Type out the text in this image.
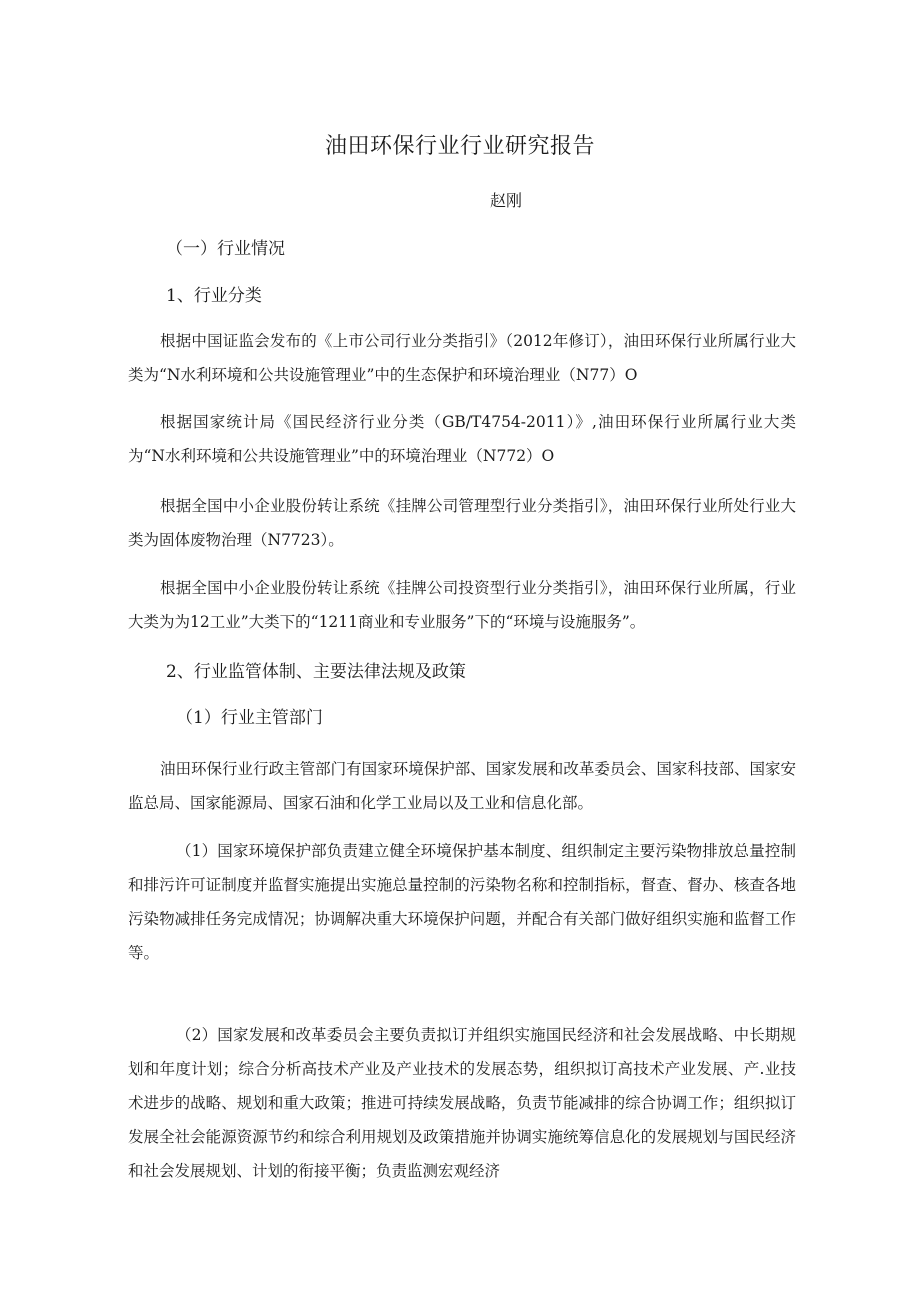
油田环保行业行业研究报告
赵刚
（一）行业情况
1、行业分类

根据中国证监会发布的《上市公司行业分类指引》（2012年修订），油田环保行业所属行业大类为“N水利环境和公共设施管理业”中的生态保护和环境治理业（N77）O

根据国家统计局《国民经济行业分类（GB/T4754-2011）》,油田环保行业所属行业大类为“N水利环境和公共设施管理业”中的环境治理业（N772）O

根据全国中小企业股份转让系统《挂牌公司管理型行业分类指引》，油田环保行业所处行业大类为固体废物治理（N7723）。

根据全国中小企业股份转让系统《挂牌公司投资型行业分类指引》，油田环保行业所属，行业大类为为12工业”大类下的“1211商业和专业服务”下的“环境与设施服务”。

2、行业监管体制、主要法律法规及政策
（1）行业主管部门

油田环保行业行政主管部门有国家环境保护部、国家发展和改革委员会、国家科技部、国家安监总局、国家能源局、国家石油和化学工业局以及工业和信息化部。

（1）国家环境保护部负责建立健全环境保护基本制度、组织制定主要污染物排放总量控制和排污许可证制度并监督实施提出实施总量控制的污染物名称和控制指标，督查、督办、核查各地污染物减排任务完成情况；协调解决重大环境保护问题，并配合有关部门做好组织实施和监督工作等。

（2）国家发展和改革委员会主要负责拟订并组织实施国民经济和社会发展战略、中长期规划和年度计划；综合分析高技术产业及产业技术的发展态势，组织拟订高技术产业发展、产.业技术进步的战略、规划和重大政策；推进可持续发展战略，负责节能减排的综合协调工作；组织拟订发展全社会能源资源节约和综合利用规划及政策措施并协调实施统筹信息化的发展规划与国民经济和社会发展规划、计划的衔接平衡；负责监测宏观经济
